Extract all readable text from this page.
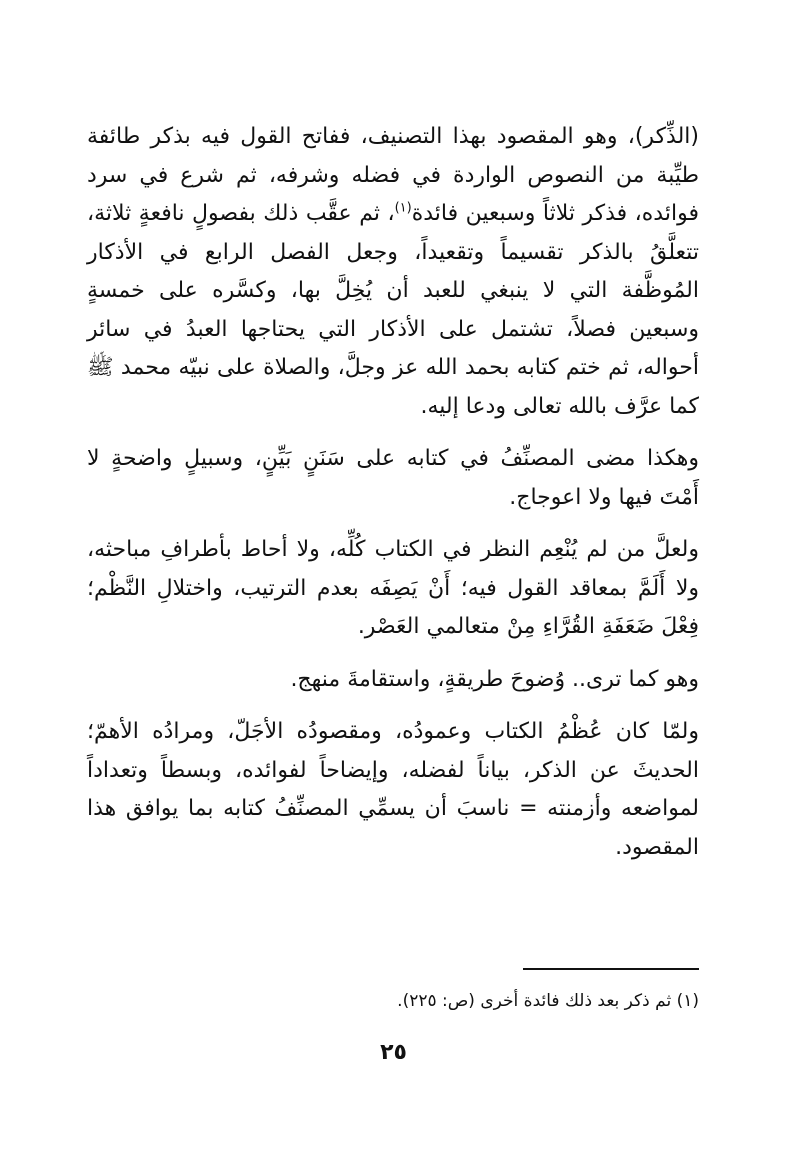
(الذِّكر)، وهو المقصود بهذا التصنيف، ففاتح القول فيه بذكر طائفة طيِّبة من النصوص الواردة في فضله وشرفه، ثم شرع في سرد فوائده، فذكر ثلاثاً وسبعين فائدة$^{(١)}$، ثم عقَّب ذلك بفصولٍ نافعةٍ ثلاثة، تتعلَّقُ بالذكر تقسيماً وتقعيداً، وجعل الفصل الرابع في الأذكار المُوظَّفة التي لا ينبغي للعبد أن يُخِلَّ بها، وكسَّره على خمسةٍ وسبعين فصلاً، تشتمل على الأذكار التي يحتاجها العبدُ في سائر أحواله، ثم ختم كتابه بحمد الله عز وجلَّ، والصلاة على نبيّه محمد ﷺ كما عرَّف بالله تعالى ودعا إليه.

وهكذا مضى المصنِّفُ في كتابه على سَنَنٍ بَيِّنٍ، وسبيلٍ واضحةٍ لا أَمْتَ فيها ولا اعوجاج.

ولعلَّ من لم يُنْعِم النظر في الكتاب كُلِّه، ولا أحاط بأطرافِ مباحثه، ولا أَلَمَّ بمعاقد القول فيه؛ أَنْ يَصِفَه بعدم الترتيب، واختلالِ النَّظْم؛ فِعْلَ ضَعَفَةِ القُرَّاءِ مِنْ متعالمي العَصْر.

وهو كما ترى.. وُضوحَ طريقةٍ، واستقامةَ منهج.

ولمّا كان عُظْمُ الكتاب وعمودُه، ومقصودُه الأجَلّ، ومرادُه الأهمّ؛ الحديثَ عن الذكر، بياناً لفضله، وإيضاحاً لفوائده، وبسطاً وتعداداً لمواضعه وأزمنته = ناسبَ أن يسمِّي المصنِّفُ كتابه بما يوافق هذا المقصود.

(١) ثم ذكر بعد ذلك فائدة أخرى (ص: ٢٢٥).
٢٥
